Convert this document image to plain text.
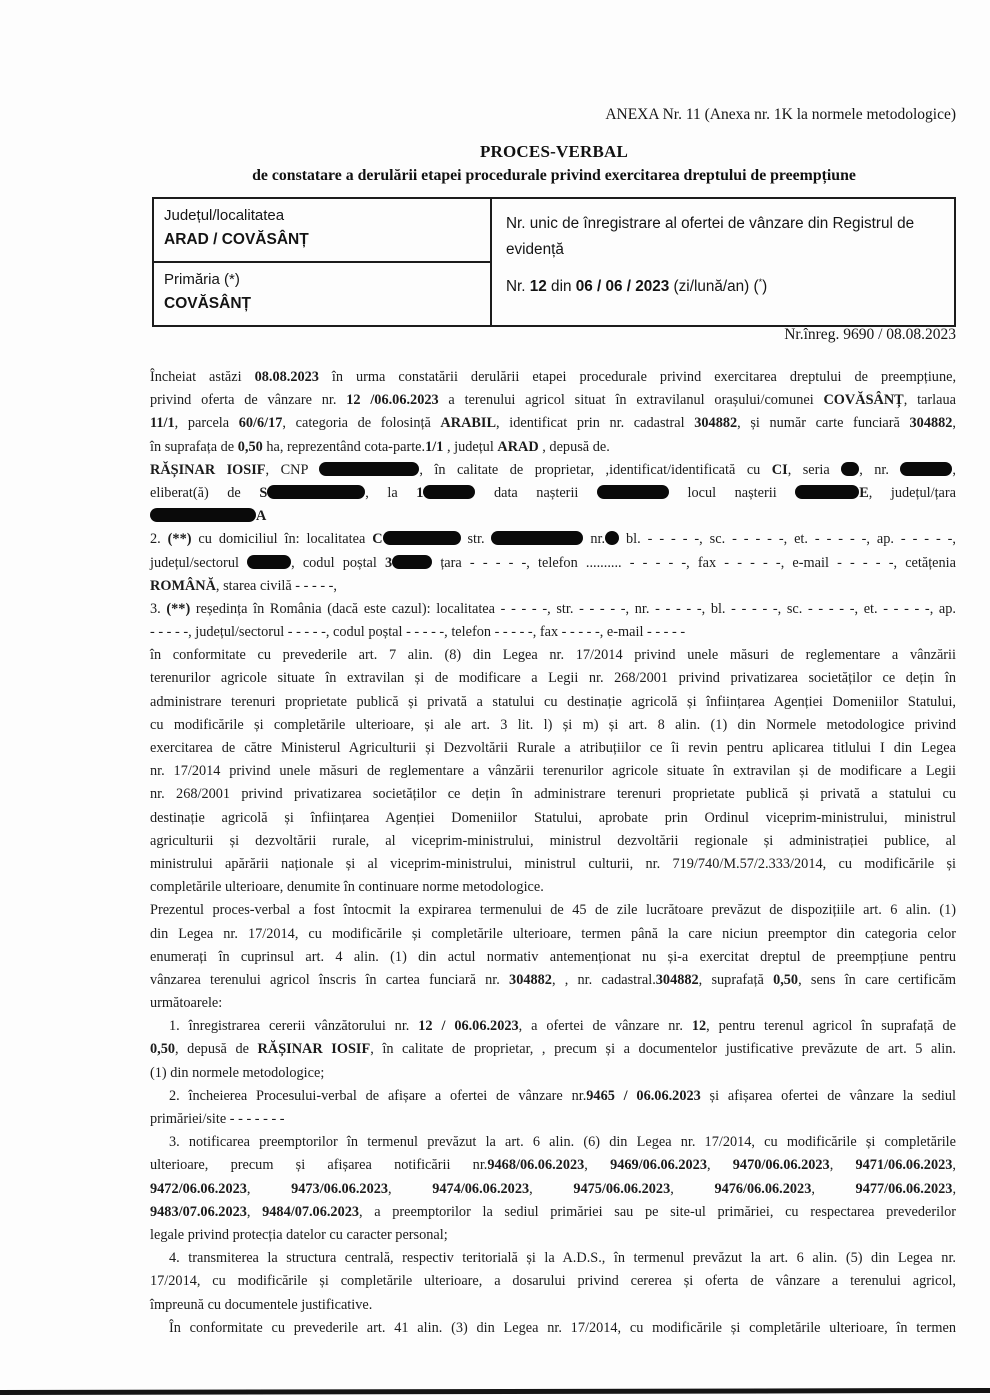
ANEXA Nr. 11 (Anexa nr. 1K la normele metodologice)
PROCES-VERBAL
de constatare a derulării etapei procedurale privind exercitarea dreptului de preempțiune
Județul/localitatea
ARAD / COVĂSÂNȚ

Nr. unic de înregistrare al ofertei de vânzare din Registrul de
evidență
Nr. 12 din 06 / 06 / 2023 (zi/lună/an) (*)

Primăria (*)
COVĂSÂNȚ
Nr.înreg. 9690 / 08.08.2023
Încheiat astăzi 08.08.2023 în urma constatării derulării etapei procedurale privind exercitarea dreptului de preempțiune,
privind oferta de vânzare nr. 12 /06.06.2023 a terenului agricol situat în extravilanul orașului/comunei COVĂSÂNȚ, tarlaua
11/1, parcela 60/6/17, categoria de folosință ARABIL, identificat prin nr. cadastral 304882, și număr carte funciară 304882,
în suprafața de 0,50 ha, reprezentând cota-parte.1/1 , județul ARAD , depusă de.
RĂȘINAR IOSIF, CNP	, în calitate de proprietar, ,identificat/identificată cu CI, seria , nr.	,
eliberat(ă) de S	, la 1	data nașterii	locul nașterii	E, județul/țara
A
2. (**) cu domiciliul în: localitatea C	str.	nr. bl. - - - - -, sc. - - - - -, et. - - - - -, ap. - - - - -,
județul/sectorul	, codul poștal 3	țara - - - - -, telefon .......... - - - - -, fax - - - - -, e-mail - - - - -, cetățenia
ROMÂNĂ, starea civilă - - - - -,
3. (**) reședința în România (dacă este cazul): localitatea - - - - -, str. - - - - -, nr. - - - - -, bl. - - - - -, sc. - - - - -, et. - - - - -, ap.
- - - - -, județul/sectorul - - - - -, codul poștal - - - - -, telefon - - - - -, fax - - - - -, e-mail - - - - -
în conformitate cu prevederile art. 7 alin. (8) din Legea nr. 17/2014 privind unele măsuri de reglementare a vânzării
terenurilor agricole situate în extravilan și de modificare a Legii nr. 268/2001 privind privatizarea societăților ce dețin în
administrare terenuri proprietate publică și privată a statului cu destinație agricolă și înființarea Agenției Domeniilor Statului,
cu modificările și completările ulterioare, și ale art. 3 lit. l) și m) și art. 8 alin. (1) din Normele metodologice privind
exercitarea de către Ministerul Agriculturii și Dezvoltării Rurale a atribuțiilor ce îi revin pentru aplicarea titlului I din Legea
nr. 17/2014 privind unele măsuri de reglementare a vânzării terenurilor agricole situate în extravilan și de modificare a Legii
nr. 268/2001 privind privatizarea societăților ce dețin în administrare terenuri proprietate publică și privată a statului cu
destinație agricolă și înființarea Agenției Domeniilor Statului, aprobate prin Ordinul viceprim-ministrului, ministrul
agriculturii și dezvoltării rurale, al viceprim-ministrului, ministrul dezvoltării regionale și administrației publice, al
ministrului apărării naționale și al viceprim-ministrului, ministrul culturii, nr. 719/740/M.57/2.333/2014, cu modificările și
completările ulterioare, denumite în continuare norme metodologice.
Prezentul proces-verbal a fost întocmit la expirarea termenului de 45 de zile lucrătoare prevăzut de dispozițiile art. 6 alin. (1)
din Legea nr. 17/2014, cu modificările și completările ulterioare, termen până la care niciun preemptor din categoria celor
enumerați în cuprinsul art. 4 alin. (1) din actul normativ antemenționat nu și-a exercitat dreptul de preempțiune pentru
vânzarea terenului agricol înscris în cartea funciară nr. 304882, , nr. cadastral.304882, suprafață 0,50, sens în care certificăm
următoarele:
1. înregistrarea cererii vânzătorului nr. 12 / 06.06.2023, a ofertei de vânzare nr. 12, pentru terenul agricol în suprafață de
0,50, depusă de RĂȘINAR IOSIF, în calitate de proprietar, , precum și a documentelor justificative prevăzute de art. 5 alin.
(1) din normele metodologice;
2. încheierea Procesului-verbal de afișare a ofertei de vânzare nr.9465 / 06.06.2023 și afișarea ofertei de vânzare la sediul
primăriei/site - - - - - - -
3. notificarea preemptorilor în termenul prevăzut la art. 6 alin. (6) din Legea nr. 17/2014, cu modificările și completările
ulterioare, precum și afișarea notificării nr.9468/06.06.2023, 9469/06.06.2023, 9470/06.06.2023, 9471/06.06.2023,
9472/06.06.2023, 9473/06.06.2023, 9474/06.06.2023, 9475/06.06.2023, 9476/06.06.2023, 9477/06.06.2023,
9483/07.06.2023, 9484/07.06.2023, a preemptorilor la sediul primăriei sau pe site-ul primăriei, cu respectarea prevederilor
legale privind protecția datelor cu caracter personal;
4. transmiterea la structura centrală, respectiv teritorială și la A.D.S., în termenul prevăzut la art. 6 alin. (5) din Legea nr.
17/2014, cu modificările și completările ulterioare, a dosarului privind cererea și oferta de vânzare a terenului agricol,
împreună cu documentele justificative.
În conformitate cu prevederile art. 41 alin. (3) din Legea nr. 17/2014, cu modificările și completările ulterioare, în termen
